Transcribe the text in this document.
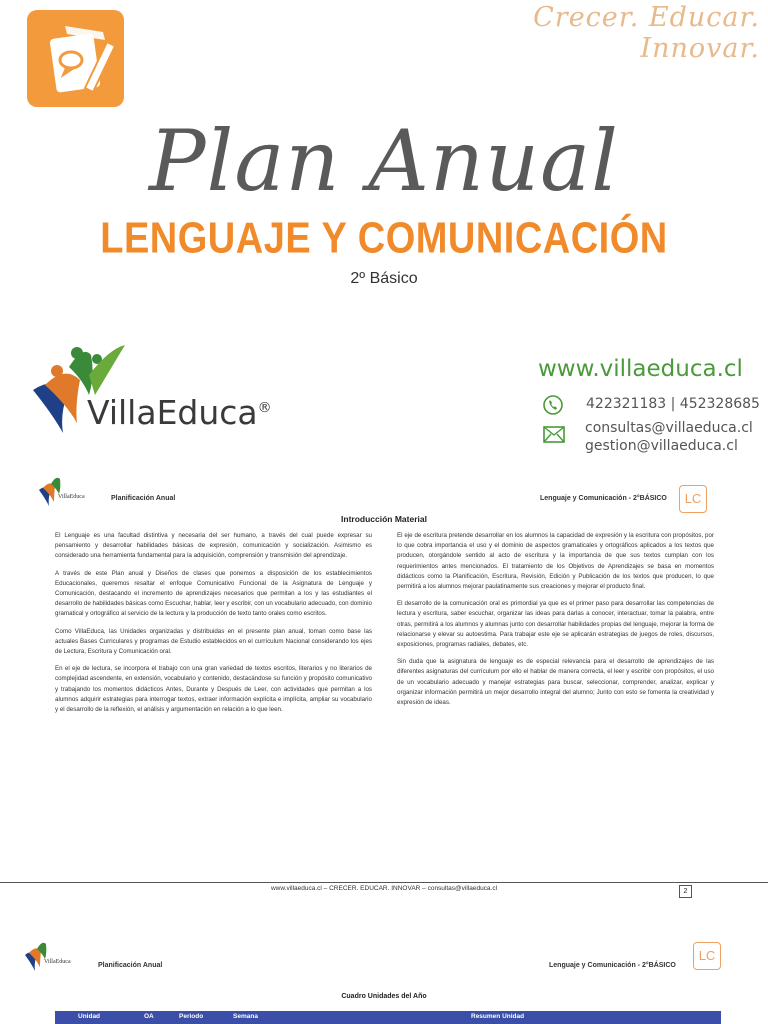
Crecer. Educar. Innovar.
Plan Anual
LENGUAJE Y COMUNICACIÓN
2º Básico
VillaEduca®
www.villaeduca.cl
422321183 | 452328685
consultas@villaeduca.cl
gestion@villaeduca.cl
VillaEduca	Planificación Anual	Lenguaje y Comunicación - 2°BÁSICO	LC
Introducción Material

El Lenguaje es una facultad distintiva y necesaria del ser humano, a través del cual puede expresar su pensamiento y desarrollar habilidades básicas de expresión, comunicación y socialización. Asimismo es considerado una herramienta fundamental para la adquisición, comprensión y transmisión del aprendizaje.

A través de este Plan anual y Diseños de clases que ponemos a disposición de los establecimientos Educacionales, queremos resaltar el enfoque Comunicativo Funcional de la Asignatura de Lenguaje y Comunicación, destacando el incremento de aprendizajes necesarios que permitan a los y las estudiantes el desarrollo de habilidades básicas como Escuchar, hablar, leer y escribir, con un vocabulario adecuado, con dominio gramatical y ortográfico al servicio de la lectura y la producción de texto tanto orales como escritos.

Como VillaEduca, las Unidades organizadas y distribuidas en el presente plan anual, toman como base las actuales Bases Curriculares y programas de Estudio establecidos en el currículum Nacional considerando los ejes de Lectura, Escritura y Comunicación oral.

En el eje de lectura, se incorpora el trabajo con una gran variedad de textos escritos, literarios y no literarios de complejidad ascendente, en extensión, vocabulario y contenido, destacándose su función y propósito comunicativo y trabajando los momentos didácticos Antes, Durante y Después de Leer, con actividades que permitan a los alumnos adquirir estrategias para interrogar textos, extraer información explícita e implícita, ampliar su vocabulario y el desarrollo de la reflexión, el análisis y argumentación en relación a lo que leen.

El eje de escritura pretende desarrollar en los alumnos la capacidad de expresión y la escritura con propósitos, por lo que cobra importancia el uso y el dominio de aspectos gramaticales y ortográficos aplicados a los textos que producen, otorgándole sentido al acto de escritura y la importancia de que sus textos cumplan con los requerimientos antes mencionados. El tratamiento de los Objetivos de Aprendizajes se basa en momentos didácticos como la Planificación, Escritura, Revisión, Edición y Publicación de los textos que producen, lo que permitirá a los alumnos mejorar paulatinamente sus creaciones y mejorar el producto final.

El desarrollo de la comunicación oral es primordial ya que es el primer paso para desarrollar las competencias de lectura y escritura, saber escuchar, organizar las ideas para darlas a conocer, interactuar, tomar la palabra, entre otras, permitirá a los alumnos y alumnas junto con desarrollar habilidades propias del lenguaje, mejorar la forma de relacionarse y elevar su autoestima. Para trabajar este eje se aplicarán estrategias de juegos de roles, discursos, exposiciones, programas radiales, debates, etc.

Sin duda que la asignatura de lenguaje es de especial relevancia para el desarrollo de aprendizajes de las diferentes asignaturas del currículum por ello el hablar de manera correcta, el leer y escribir con propósitos, el uso de un vocabulario adecuado y manejar estrategias para buscar, seleccionar, comprender, analizar, explicar y organizar información permitirá un mejor desarrollo integral del alumno; Junto con esto se fomenta la creatividad y expresión de ideas.

www.villaeduca.cl – CRECER. EDUCAR. INNOVAR – consultas@villaeduca.cl	2
VillaEduca	Planificación Anual	Lenguaje y Comunicación - 2°BÁSICO
LC
Cuadro Unidades del Año
Unidad	OA	Periodo	Semana	Resumen Unidad
